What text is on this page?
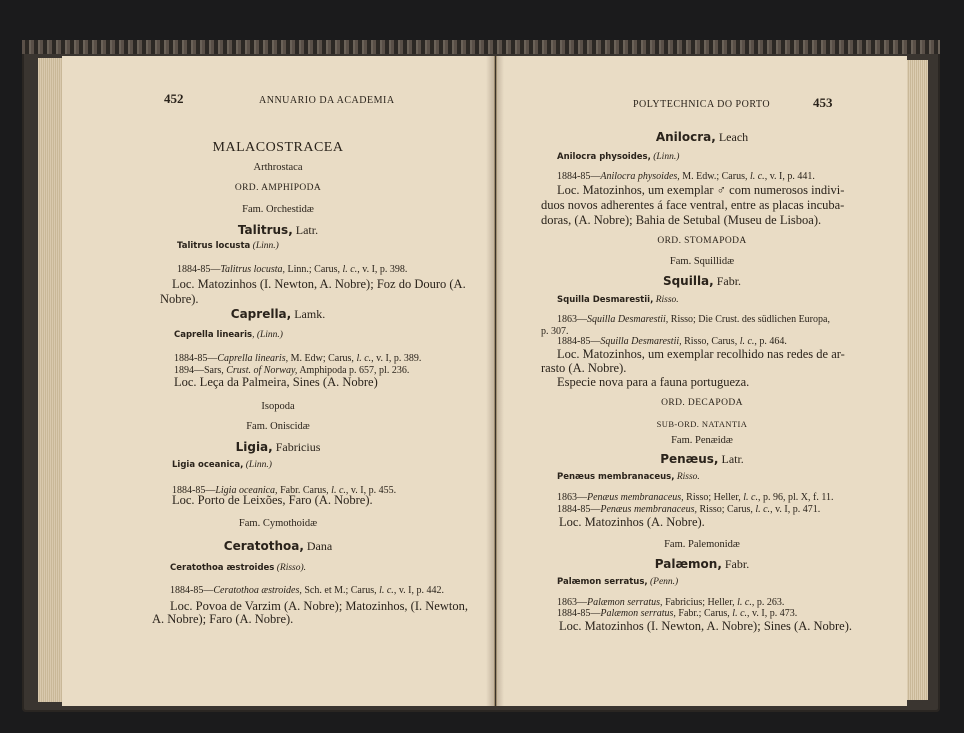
452	ANNUARIO DA ACADEMIA
MALACOSTRACEA
Arthrostaca
ORD. AMPHIPODA
Fam. Orchestidæ
Talitrus, Latr.
Talitrus locusta (Linn.)
1884-85—Talitrus locusta, Linn.; Carus, l. c., v. I, p. 398.
Loc. Matozinhos (I. Newton, A. Nobre); Foz do Douro (A.
Nobre).
Caprella, Lamk.
Caprella linearis, (Linn.)
1884-85—Caprella linearis, M. Edw; Carus, l. c., v. I, p. 389.
1894—Sars, Crust. of Norway, Amphipoda p. 657, pl. 236.
Loc. Leça da Palmeira, Sines (A. Nobre)
Isopoda
Fam. Oniscidæ
Ligia, Fabricius
Ligia oceanica, (Linn.)
1884-85—Ligia oceanica, Fabr. Carus, l. c., v. I, p. 455.
Loc. Porto de Leixões, Faro (A. Nobre).
Fam. Cymothoidæ
Ceratothoa, Dana
Ceratothoa æstroides (Risso).
1884-85—Ceratothoa æstroides, Sch. et M.; Carus, l. c., v. I, p. 442.
Loc. Povoa de Varzim (A. Nobre); Matozinhos, (I. Newton,
A. Nobre); Faro (A. Nobre).
POLYTECHNICA DO PORTO	453
Anilocra, Leach
Anilocra physoides, (Linn.)
1884-85—Anilocra physoides, M. Edw.; Carus, l. c., v. I, p. 441.
Loc. Matozinhos, um exemplar ♂ com numerosos indivi-
duos novos adherentes á face ventral, entre as placas incuba-
doras, (A. Nobre); Bahia de Setubal (Museu de Lisboa).
ORD. STOMAPODA
Fam. Squillidæ
Squilla, Fabr.
Squilla Desmarestii, Risso.
1863—Squilla Desmarestii, Risso; Die Crust. des südlichen Europa,
p. 307.
1884-85—Squilla Desmarestii, Risso, Carus, l. c., p. 464.
Loc. Matozinhos, um exemplar recolhido nas redes de ar-
rasto (A. Nobre).
Especie nova para a fauna portugueza.
ORD. DECAPODA
SUB-ORD. NATANTIA
Fam. Penæidæ
Penæus, Latr.
Penæus membranaceus, Risso.
1863—Penæus membranaceus, Risso; Heller, l. c., p. 96, pl. X, f. 11.
1884-85—Penæus membranaceus, Risso; Carus, l. c., v. I, p. 471.
Loc. Matozinhos (A. Nobre).
Fam. Palemonidæ
Palæmon, Fabr.
Palæmon serratus, (Penn.)
1863—Palæmon serratus, Fabricius; Heller, l. c., p. 263.
1884-85—Palæmon serratus, Fabr.; Carus, l. c., v. I, p. 473.
Loc. Matozinhos (I. Newton, A. Nobre); Sines (A. Nobre).
